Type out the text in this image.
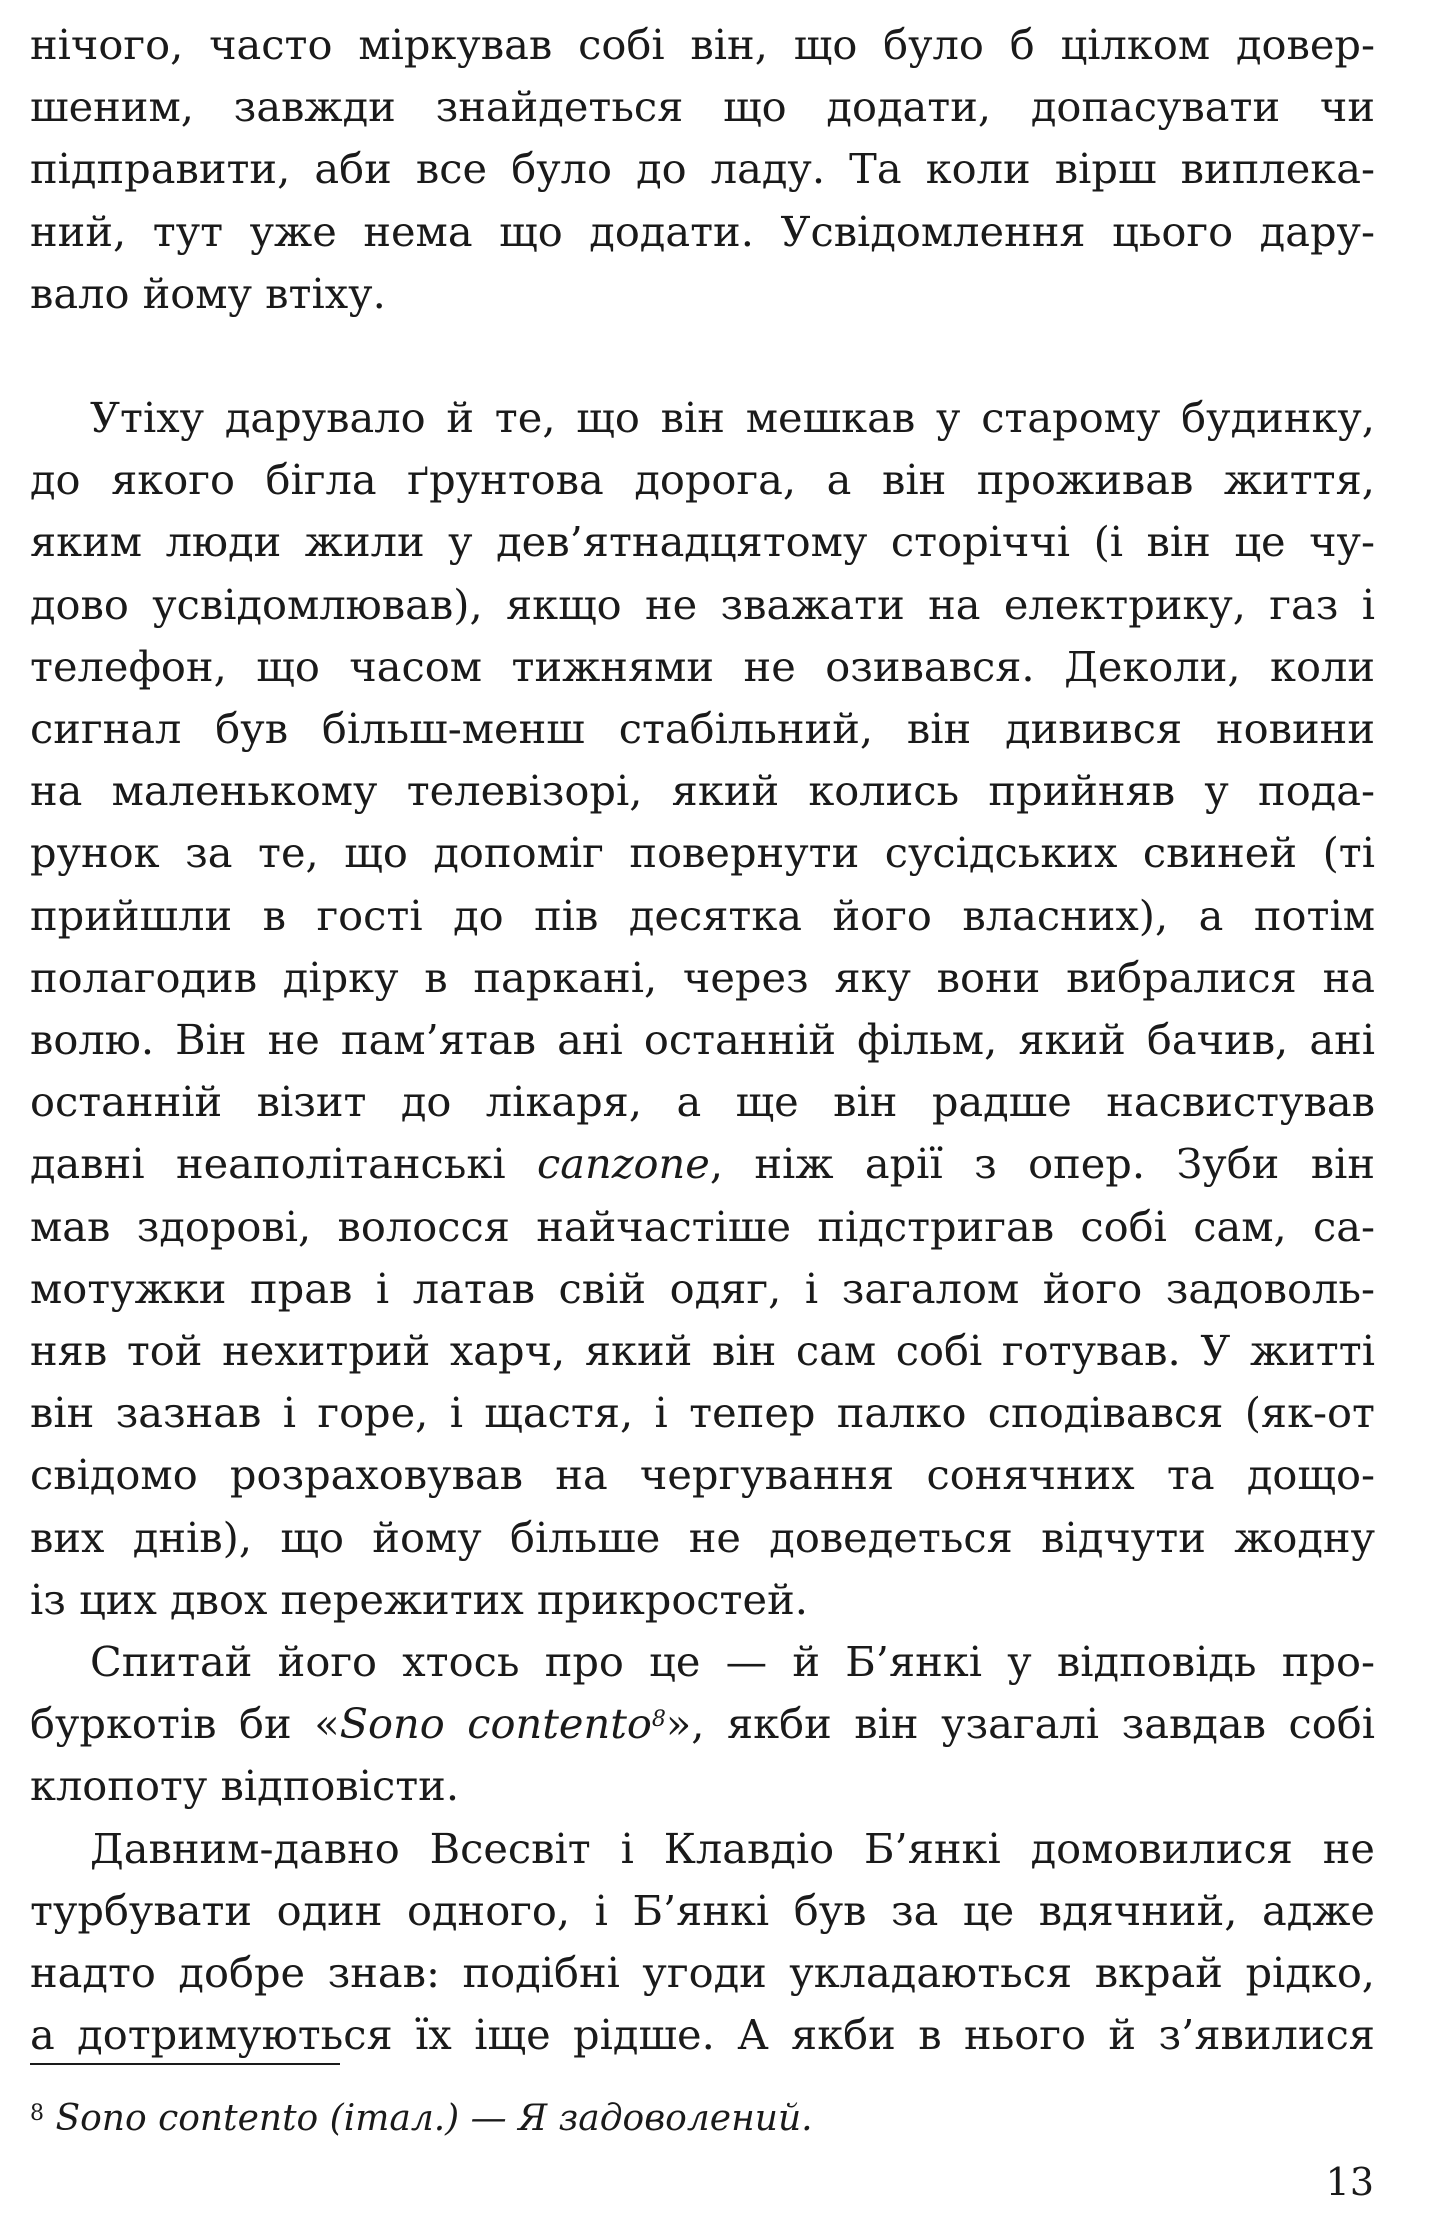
нічого, часто міркував собі він, що було б цілком довер-

шеним, завжди знайдеться що додати, допасувати чи

підправити, аби все було до ладу. Та коли вірш виплека-

ний, тут уже нема що додати. Усвідомлення цього дару-

вало йому втіху.

Утіху дарувало й те, що він мешкав у старому будинку,

до якого бігла ґрунтова дорога, а він проживав життя,

яким люди жили у дев’ятнадцятому сторіччі (і він це чу-

дово усвідомлював), якщо не зважати на електрику, газ і

телефон, що часом тижнями не озивався. Деколи, коли

сигнал був більш-менш стабільний, він дивився новини

на маленькому телевізорі, який колись прийняв у пода-

рунок за те, що допоміг повернути сусідських свиней (ті

прийшли в гості до пів десятка його власних), а потім

полагодив дірку в паркані, через яку вони вибралися на

волю. Він не пам’ятав ані останній фільм, який бачив, ані

останній візит до лікаря, а ще він радше насвистував

давні неаполітанські canzone, ніж арії з опер. Зуби він

мав здорові, волосся найчастіше підстригав собі сам, са-

мотужки прав і латав свій одяг, і загалом його задоволь-

няв той нехитрий харч, який він сам собі готував. У житті

він зазнав і горе, і щастя, і тепер палко сподівався (як-от

свідомо розраховував на чергування сонячних та дощо-

вих днів), що йому більше не доведеться відчути жодну

із цих двох пережитих прикростей.

Спитай його хтось про це — й Б’янкі у відповідь про-

буркотів би «Sono contento$^8$», якби він узагалі завдав собі

клопоту відповісти.

Давним-давно Всесвіт і Клавдіо Б’янкі домовилися не

турбувати один одного, і Б’янкі був за це вдячний, адже

надто добре знав: подібні угоди укладаються вкрай рідко,

а дотримуються їх іще рідше. А якби в нього й з’явилися

$^8$ Sono contento (італ.) — Я задоволений.
13
